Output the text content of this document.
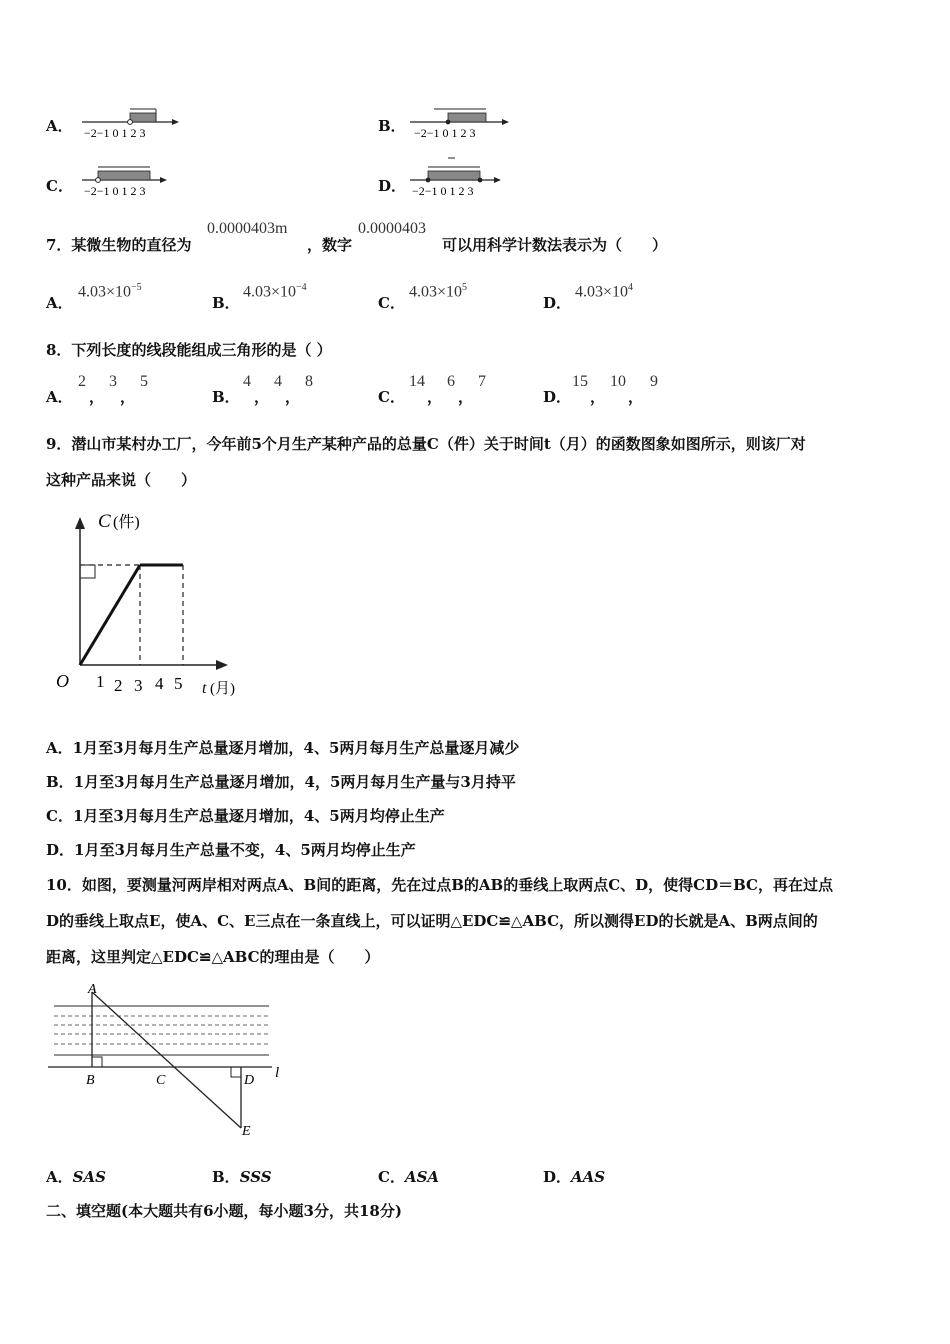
A． −2−1 0 1 2 3	B． −2−1 0 1 2 3
C． −2−1 0 1 2 3	D． −2−1 0 1 2 3
7．某微生物的直径为
0.0000403m
，数字
0.0000403
可以用科学计数法表示为（　　）
A．
$4.03\times 10^{-5}$
B．
$4.03\times 10^{-4}$
C．
$4.03\times 10^5$
D．
$4.03\times 10^4$
8．下列长度的线段能组成三角形的是（ ）
A．
2
，
3
，
5
B．
4
，
4
，
8
C．
14
，
6
，
7
D．
15
，
10
，
9
9．潜山市某村办工厂，今年前5个月生产某种产品的总量C（件）关于时间t（月）的函数图象如图所示，则该厂对
这种产品来说（　　）
C (件)
O 1 2 3 4 5 t (月)
A．1月至3月每月生产总量逐月增加，4、5两月每月生产总量逐月减少
B．1月至3月每月生产总量逐月增加，4，5两月每月生产量与3月持平
C．1月至3月每月生产总量逐月增加，4、5两月均停止生产
D．1月至3月每月生产总量不变，4、5两月均停止生产
10．如图，要测量河两岸相对两点A、B间的距离，先在过点B的AB的垂线上取两点C、D，使得CD＝BC，再在过点
D的垂线上取点E，使A、C、E三点在一条直线上，可以证明△EDC≌△ABC，所以测得ED的长就是A、B两点间的
距离，这里判定△EDC≌△ABC的理由是（　　）
A
B	C	D
E
l
A．SAS	B．SSS	C．ASA	D．AAS
二、填空题(本大题共有6小题，每小题3分，共18分)
